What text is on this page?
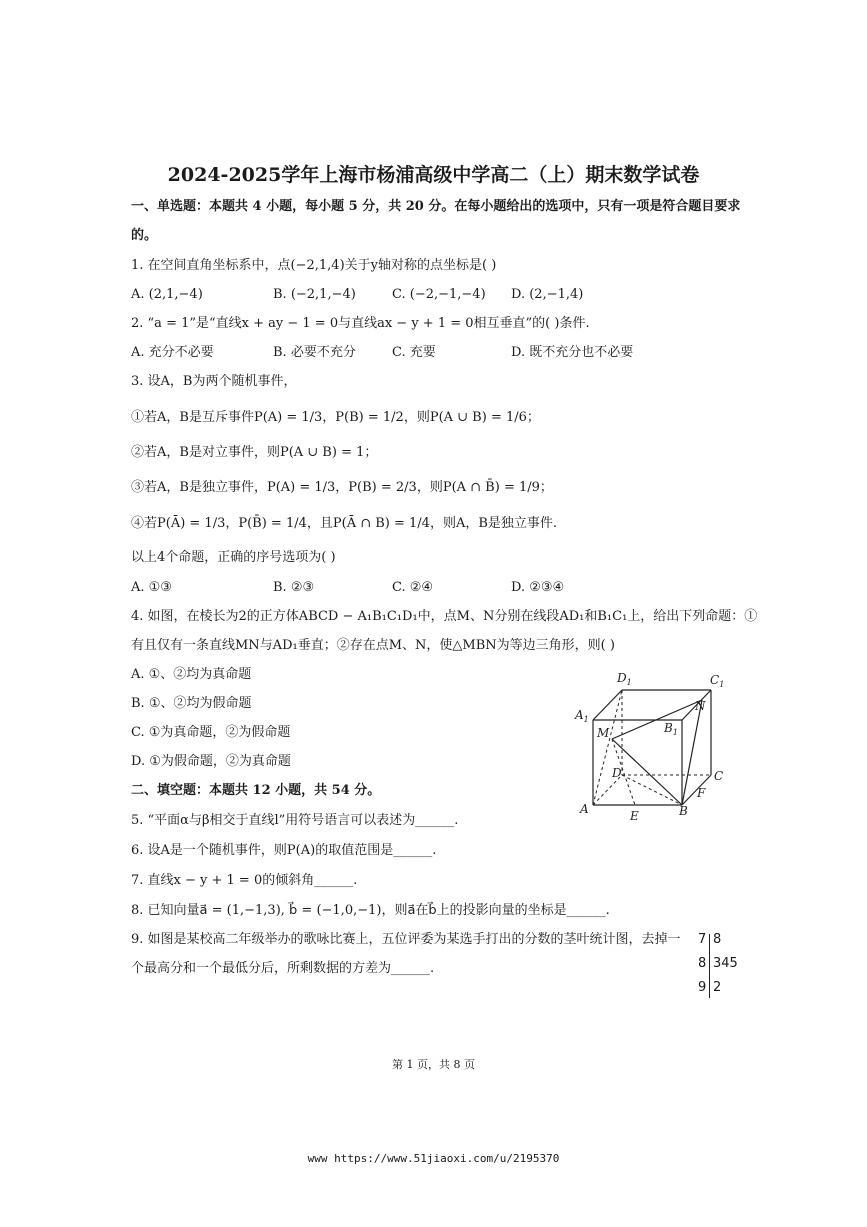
2024-2025学年上海市杨浦高级中学高二（上）期末数学试卷
一、单选题：本题共 4 小题，每小题 5 分，共 20 分。在每小题给出的选项中，只有一项是符合题目要求
的。
1. 在空间直角坐标系中，点(−2,1,4)关于y轴对称的点坐标是( )
A. (2,1,−4)	B. (−2,1,−4)	C. (−2,−1,−4) D. (2,−1,4)
2. “a = 1”是“直线x + ay − 1 = 0与直线ax − y + 1 = 0相互垂直”的( )条件.
A. 充分不必要	B. 必要不充分	C. 充要	D. 既不充分也不必要
3. 设A，B为两个随机事件，
①若A，B是互斥事件P(A) = 1/3，P(B) = 1/2，则P(A ∪ B) = 1/6；
②若A，B是对立事件，则P(A ∪ B) = 1；
③若A，B是独立事件，P(A) = 1/3，P(B) = 2/3，则P(A ∩ B̄) = 1/9；
④若P(Ā) = 1/3，P(B̄) = 1/4，且P(Ā ∩ B) = 1/4，则A，B是独立事件.
以上4个命题，正确的序号选项为( )
A. ①③	B. ②③	C. ②④	D. ②③④
4. 如图，在棱长为2的正方体ABCD − A₁B₁C₁D₁中，点M、N分别在线段AD₁和B₁C₁上，给出下列命题：①
有且仅有一条直线MN与AD₁垂直；②存在点M、N，使△MBN为等边三角形，则( )
A. ①、②均为真命题
B. ①、②均为假命题
C. ①为真命题，②为假命题
D. ①为假命题，②为真命题
$D_1$	$C_1$
$A_1$
$B_1$
N
M
D	C
F
A	E	B
二、填空题：本题共 12 小题，共 54 分。
5. “平面α与β相交于直线l”用符号语言可以表述为______.
6. 设A是一个随机事件，则P(A)的取值范围是______.
7. 直线x − y + 1 = 0的倾斜角______.
8. 已知向量a⃗ = (1,−1,3), b⃗ = (−1,0,−1)，则a⃗在b⃗上的投影向量的坐标是______.
9. 如图是某校高二年级举办的歌咏比赛上，五位评委为某选手打出的分数的茎叶统计图，去掉一
个最高分和一个最低分后，所剩数据的方差为______.
7 8
8 345
9 2
第 1 页，共 8 页
www https://www.51jiaoxi.com/u/2195370
